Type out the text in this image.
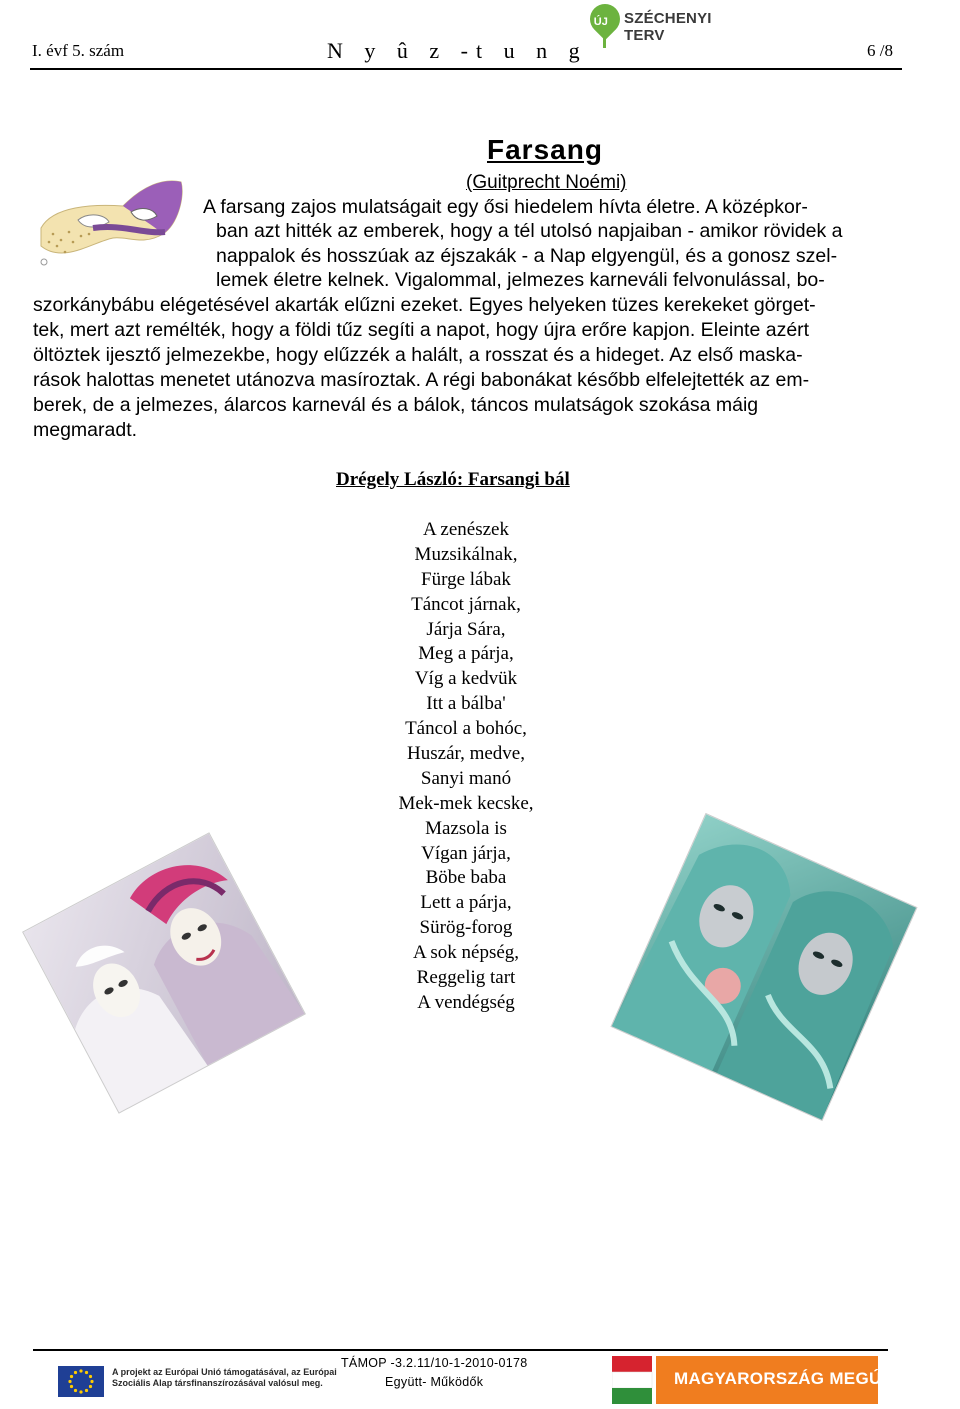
I. évf 5. szám	N y û z -t u n g	6 /8
ÚJ SZÉCHENYI TERV
Farsang
(Guitprecht Noémi)
A farsang zajos mulatságait egy ősi hiedelem hívta életre. A középkor-
ban azt hitték az emberek, hogy a tél utolsó napjaiban - amikor rövidek a
nappalok és hosszúak az éjszakák - a Nap elgyengül, és a gonosz szel-
lemek életre kelnek. Vigalommal, jelmezes karneváli felvonulással, bo-
szorkánybábu elégetésével akarták elűzni ezeket. Egyes helyeken tüzes kerekeket görget-
tek, mert azt remélték, hogy a földi tűz segíti a napot, hogy újra erőre kapjon. Eleinte azért
öltöztek ijesztő jelmezekbe, hogy elűzzék a halált, a rosszat és a hideget. Az első maska-
rások halottas menetet utánozva masíroztak. A régi babonákat később elfelejtették az em-
berek, de a jelmezes, álarcos karnevál és a bálok, táncos mulatságok szokása máig
megmaradt.
Drégely László: Farsangi bál
A zenészek
Muzsikálnak,
Fürge lábak
Táncot járnak,
Járja Sára,
Meg a párja,
Víg a kedvük
Itt a bálba'
Táncol a bohóc,
Huszár, medve,
Sanyi manó
Mek-mek kecske,
Mazsola is
Vígan járja,
Böbe baba
Lett a párja,
Sürög-forog
A sok népség,
Reggelig tart
A vendégség
A projekt az Európai Unió támogatásával, az Európai
Szociális Alap társfinanszírozásával valósul meg.
TÁMOP -3.2.11/10-1-2010-0178
Együtt- Működők	MAGYARORSZÁG MEGÚJUL
